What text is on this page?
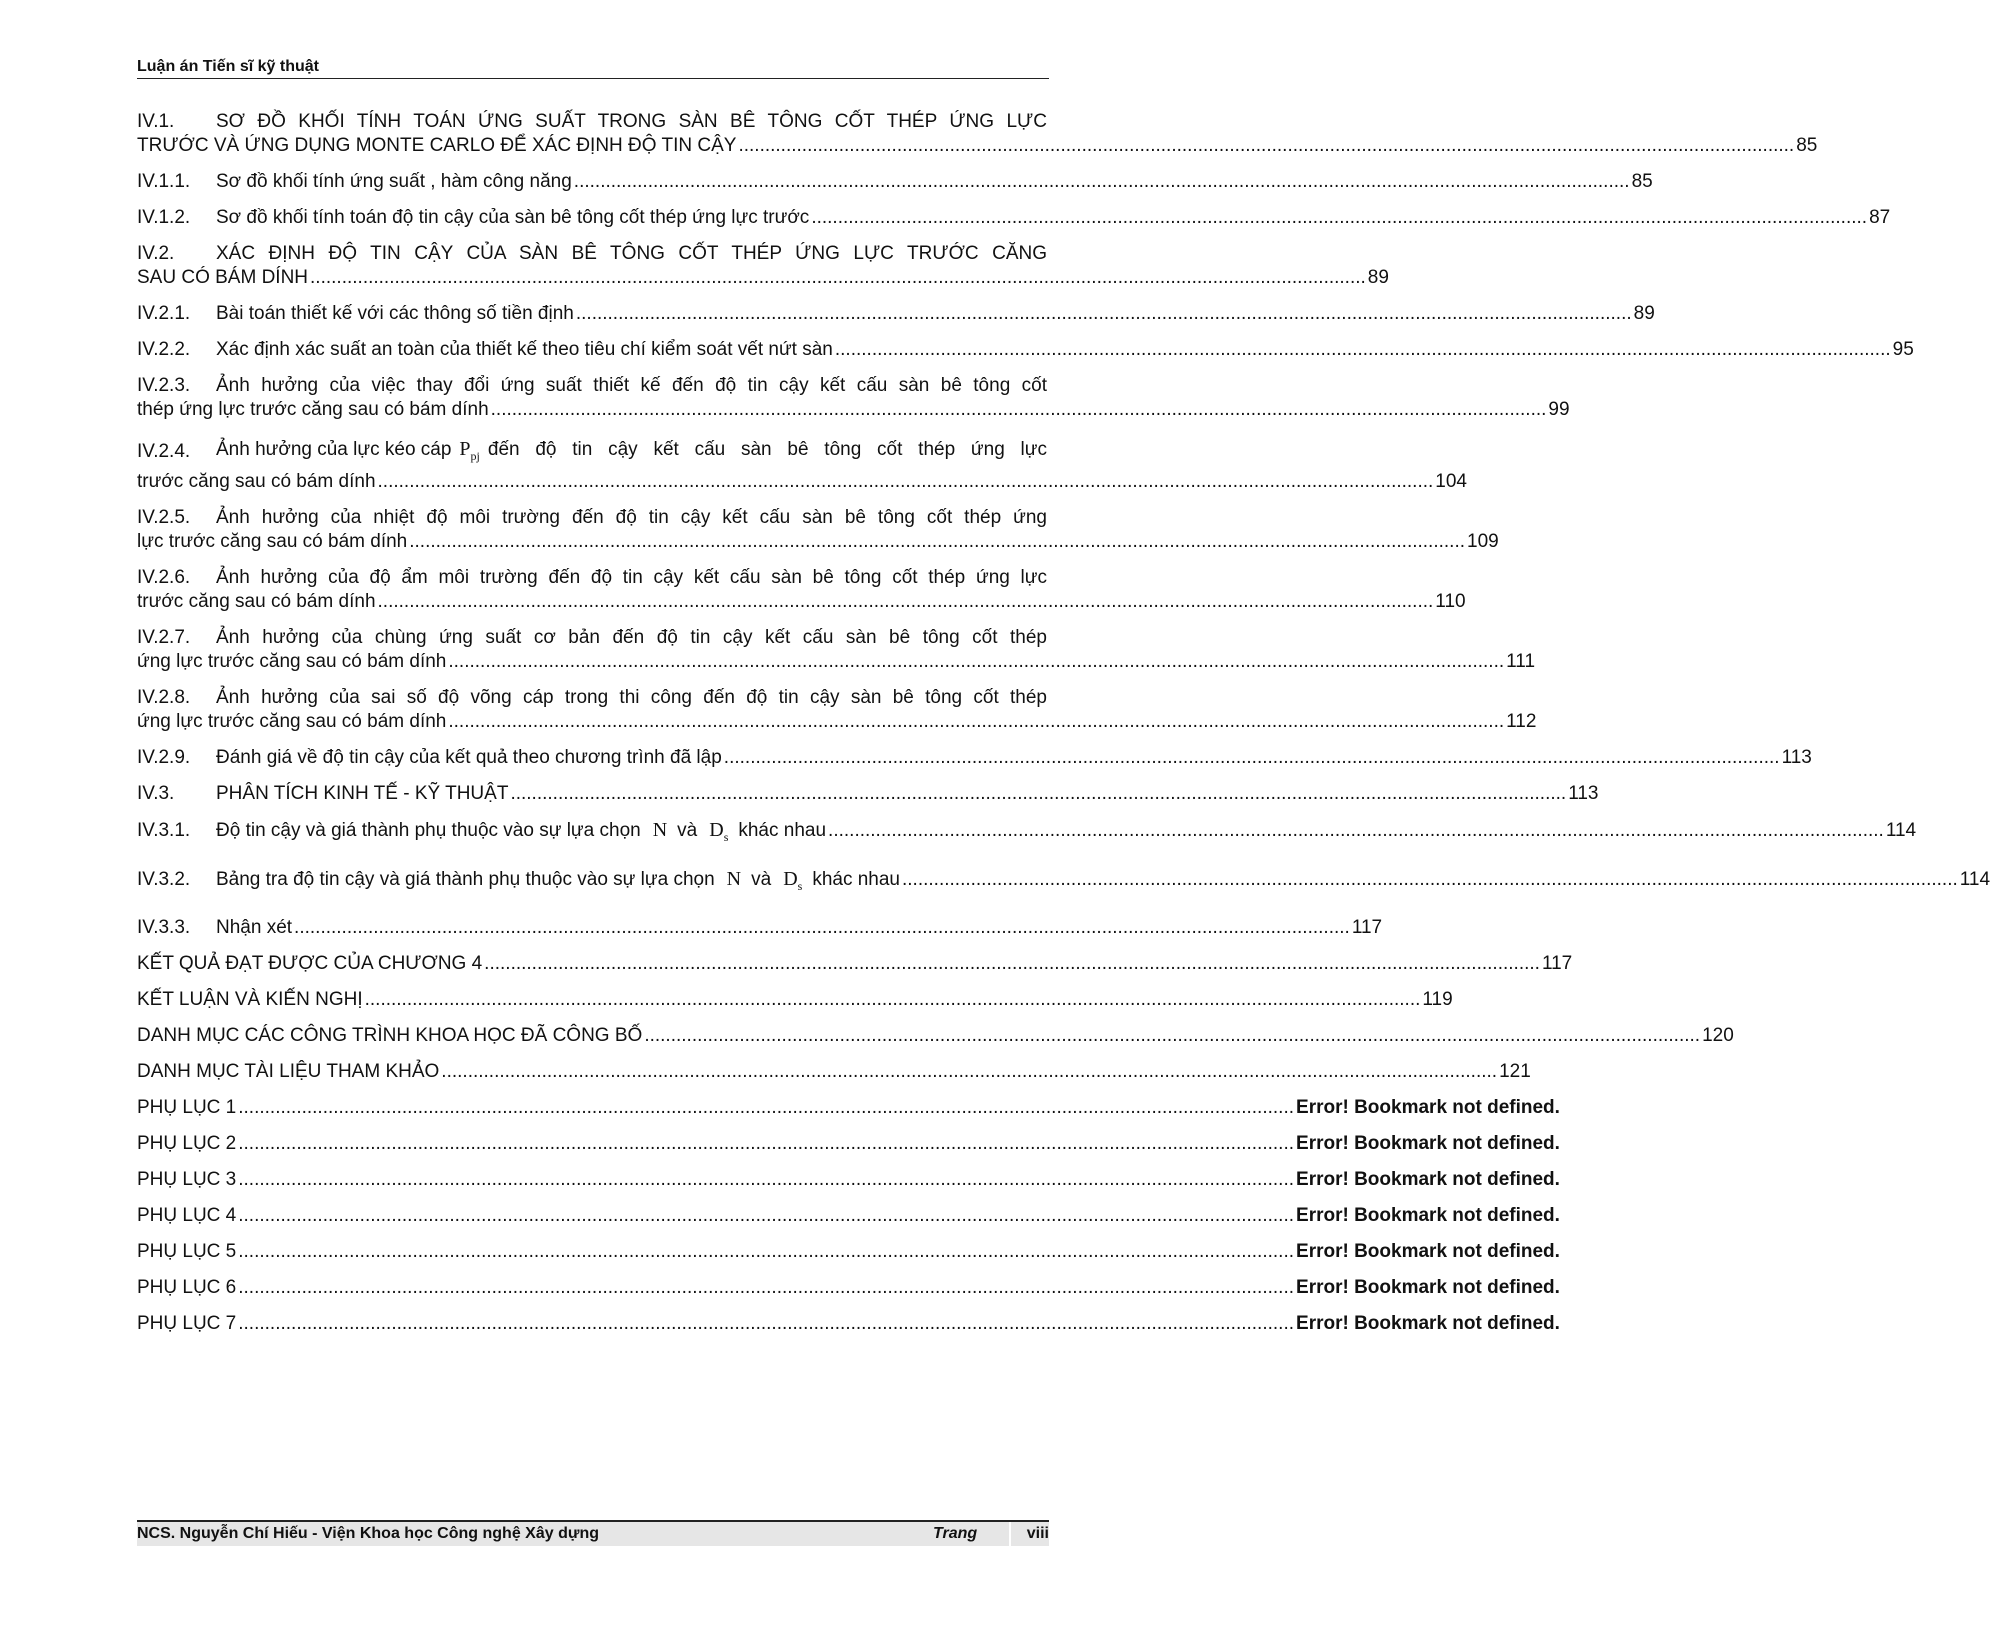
Luận án Tiến sĩ kỹ thuật
IV.1.	SƠ ĐỒ KHỐI TÍNH TOÁN ỨNG SUẤT TRONG SÀN BÊ TÔNG CỐT THÉP ỨNG LỰC
TRƯỚC VÀ ỨNG DỤNG MONTE CARLO ĐỂ XÁC ĐỊNH ĐỘ TIN CẬY ........................................................................................................................................................................................................ 85
IV.1.1.	Sơ đồ khối tính ứng suất , hàm công năng ........................................................................................................................................................................................................ 85
IV.1.2.	Sơ đồ khối tính toán độ tin cậy của sàn bê tông cốt thép ứng lực trước ........................................................................................................................................................................................................ 87
IV.2.	XÁC ĐỊNH ĐỘ TIN CẬY CỦA SÀN BÊ TÔNG CỐT THÉP ỨNG LỰC TRƯỚC CĂNG
SAU CÓ BÁM DÍNH ........................................................................................................................................................................................................ 89
IV.2.1.	Bài toán thiết kế với các thông số tiền định ........................................................................................................................................................................................................ 89
IV.2.2.	Xác định xác suất an toàn của thiết kế theo tiêu chí kiểm soát vết nứt sàn ........................................................................................................................................................................................................ 95
IV.2.3.	Ảnh hưởng của việc thay đổi ứng suất thiết kế đến độ tin cậy kết cấu sàn bê tông cốt
thép ứng lực trước căng sau có bám dính ........................................................................................................................................................................................................ 99
IV.2.4.	Ảnh hưởng của lực kéo cáp $P_{pj}$ đến độ tin cậy kết cấu sàn bê tông cốt thép ứng lực
trước căng sau có bám dính ........................................................................................................................................................................................................ 104
IV.2.5.	Ảnh hưởng của nhiệt độ môi trường đến độ tin cậy kết cấu sàn bê tông cốt thép ứng
lực trước căng sau có bám dính ........................................................................................................................................................................................................ 109
IV.2.6.	Ảnh hưởng của độ ẩm môi trường đến độ tin cậy kết cấu sàn bê tông cốt thép ứng lực
trước căng sau có bám dính ........................................................................................................................................................................................................ 110
IV.2.7.	Ảnh hưởng của chùng ứng suất cơ bản đến độ tin cậy kết cấu sàn bê tông cốt thép
ứng lực trước căng sau có bám dính ........................................................................................................................................................................................................ 111
IV.2.8.	Ảnh hưởng của sai số độ võng cáp trong thi công đến độ tin cậy sàn bê tông cốt thép
ứng lực trước căng sau có bám dính ........................................................................................................................................................................................................ 112
IV.2.9.	Đánh giá về độ tin cậy của kết quả theo chương trình đã lập ........................................................................................................................................................................................................ 113
IV.3.	PHÂN TÍCH KINH TẾ - KỸ THUẬT ........................................................................................................................................................................................................ 113
IV.3.1.	Độ tin cậy và giá thành phụ thuộc vào sự lựa chọn N và $D_s$ khác nhau ........................................................................................................................................................................................................ 114
IV.3.2.	Bảng tra độ tin cậy và giá thành phụ thuộc vào sự lựa chọn N và $D_s$ khác nhau ........................................................................................................................................................................................................ 114
IV.3.3.	Nhận xét ........................................................................................................................................................................................................ 117
KẾT QUẢ ĐẠT ĐƯỢC CỦA CHƯƠNG 4 ........................................................................................................................................................................................................ 117
KẾT LUẬN VÀ KIẾN NGHỊ ........................................................................................................................................................................................................ 119
DANH MỤC CÁC CÔNG TRÌNH KHOA HỌC ĐÃ CÔNG BỐ ........................................................................................................................................................................................................ 120
DANH MỤC TÀI LIỆU THAM KHẢO ........................................................................................................................................................................................................ 121
PHỤ LỤC 1 ........................................................................................................................................................................................................ Error! Bookmark not defined.
PHỤ LỤC 2 ........................................................................................................................................................................................................ Error! Bookmark not defined.
PHỤ LỤC 3 ........................................................................................................................................................................................................ Error! Bookmark not defined.
PHỤ LỤC 4 ........................................................................................................................................................................................................ Error! Bookmark not defined.
PHỤ LỤC 5 ........................................................................................................................................................................................................ Error! Bookmark not defined.
PHỤ LỤC 6 ........................................................................................................................................................................................................ Error! Bookmark not defined.
PHỤ LỤC 7 ........................................................................................................................................................................................................ Error! Bookmark not defined.
NCS. Nguyễn Chí Hiếu - Viện Khoa học Công nghệ Xây dựng	Trang	viii
